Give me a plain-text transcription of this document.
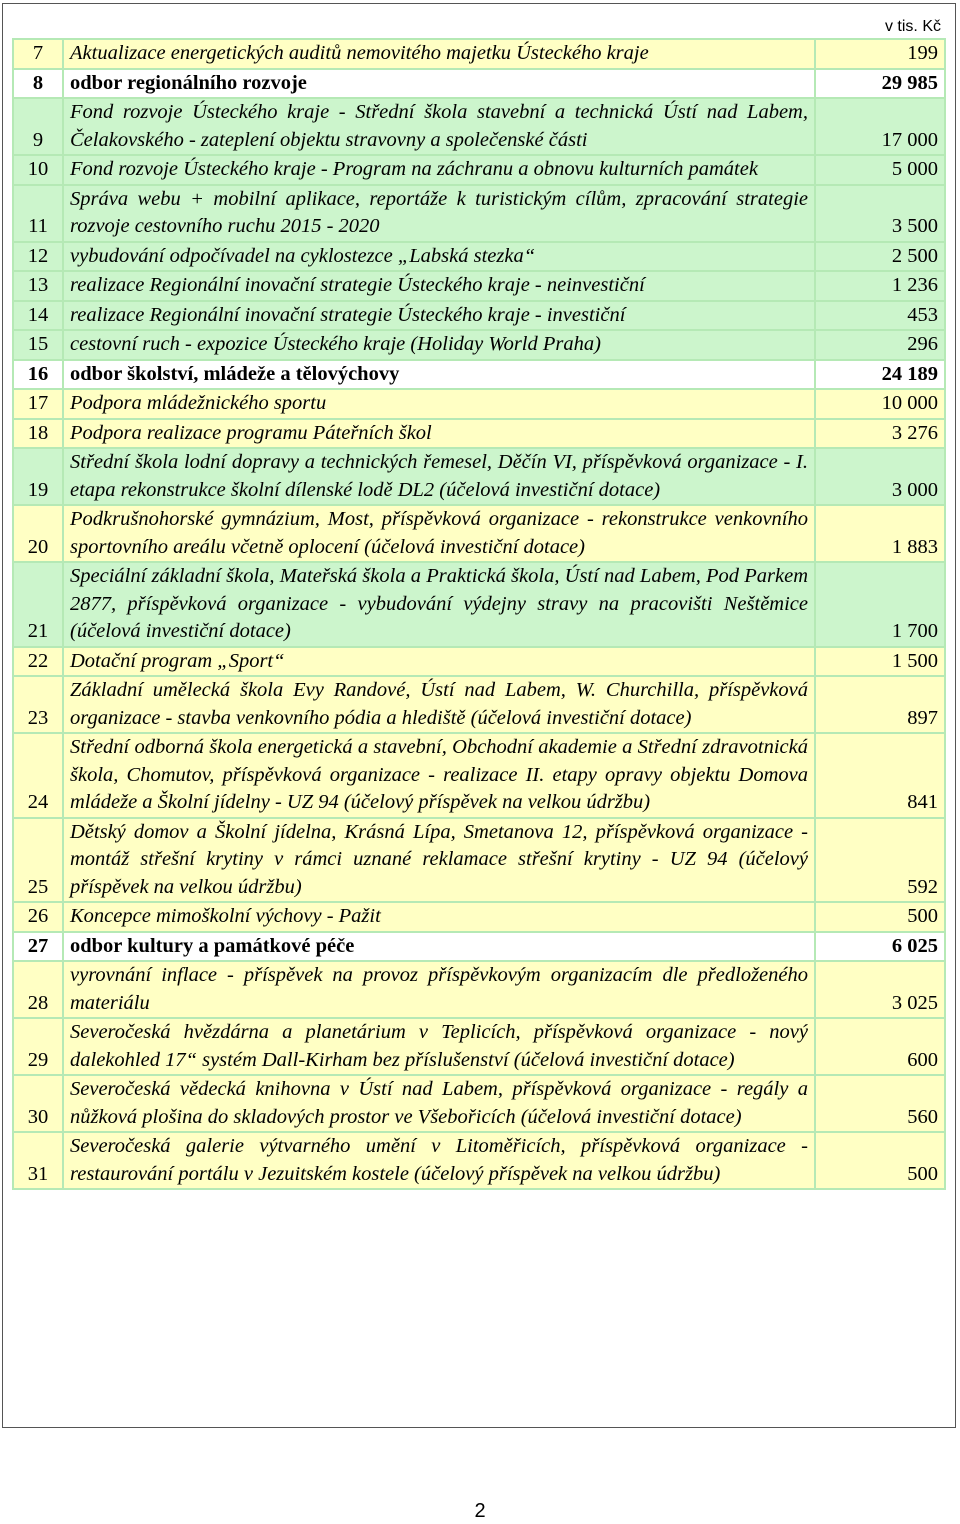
v tis. Kč
7	Aktualizace energetických auditů nemovitého majetku Ústeckého kraje	199
8	odbor regionálního rozvoje	29 985
9	Fond rozvoje Ústeckého kraje - Střední škola stavební a technická Ústí nad Labem, Čelakovského - zateplení objektu stravovny a společenské části	17 000
10	Fond rozvoje Ústeckého kraje - Program na záchranu a obnovu kulturních památek	5 000
11	Správa webu + mobilní aplikace, reportáže k turistickým cílům, zpracování strategie rozvoje cestovního ruchu 2015 - 2020	3 500
12	vybudování odpočívadel na cyklostezce „Labská stezka“	2 500
13	realizace Regionální inovační strategie Ústeckého kraje - neinvestiční	1 236
14	realizace Regionální inovační strategie Ústeckého kraje - investiční	453
15	cestovní ruch - expozice Ústeckého kraje (Holiday World Praha)	296
16	odbor školství, mládeže a tělovýchovy	24 189
17	Podpora mládežnického sportu	10 000
18	Podpora realizace programu Páteřních škol	3 276
19	Střední škola lodní dopravy a technických řemesel, Děčín VI, příspěvková organizace - I. etapa rekonstrukce školní dílenské lodě DL2 (účelová investiční dotace)	3 000
20	Podkrušnohorské gymnázium, Most, příspěvková organizace - rekonstrukce venkovního sportovního areálu včetně oplocení (účelová investiční dotace)	1 883
21	Speciální základní škola, Mateřská škola a Praktická škola, Ústí nad Labem, Pod Parkem 2877, příspěvková organizace - vybudování výdejny stravy na pracovišti Neštěmice (účelová investiční dotace)	1 700
22	Dotační program „Sport“	1 500
23	Základní umělecká škola Evy Randové, Ústí nad Labem, W. Churchilla, příspěvková organizace - stavba venkovního pódia a hlediště (účelová investiční dotace)	897
24	Střední odborná škola energetická a stavební, Obchodní akademie a Střední zdravotnická škola, Chomutov, příspěvková organizace - realizace II. etapy opravy objektu Domova mládeže a Školní jídelny - UZ 94 (účelový příspěvek na velkou údržbu)	841
25	Dětský domov a Školní jídelna, Krásná Lípa, Smetanova 12, příspěvková organizace - montáž střešní krytiny v rámci uznané reklamace střešní krytiny - UZ 94 (účelový příspěvek na velkou údržbu)	592
26	Koncepce mimoškolní výchovy - Pažit	500
27	odbor kultury a památkové péče	6 025
28	vyrovnání inflace - příspěvek na provoz příspěvkovým organizacím dle předloženého materiálu	3 025
29	Severočeská hvězdárna a planetárium v Teplicích, příspěvková organizace - nový dalekohled 17“ systém Dall-Kirham bez příslušenství (účelová investiční dotace)	600
30	Severočeská vědecká knihovna v Ústí nad Labem, příspěvková organizace - regály a nůžková plošina do skladových prostor ve Všebořicích (účelová investiční dotace)	560
31	Severočeská galerie výtvarného umění v Litoměřicích, příspěvková organizace - restaurování portálu v Jezuitském kostele (účelový příspěvek na velkou údržbu)	500
2
